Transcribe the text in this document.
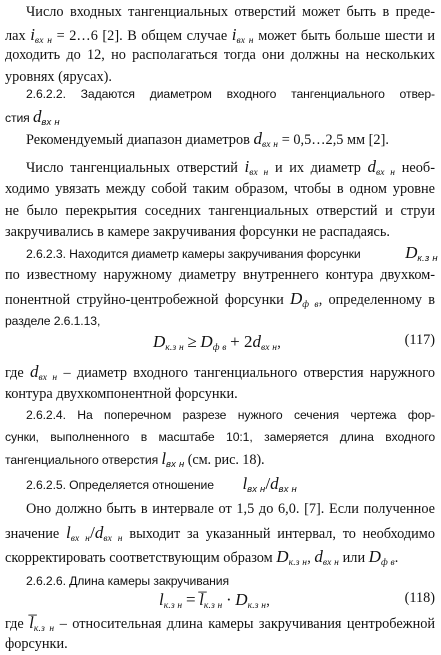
Число входных тангенциальных отверстий может быть в преде-
лах $i_{вх н}$ = 2…6 [2]. В общем случае $i_{вх н}$ может быть больше шести и
доходить до 12, но располагаться тогда они должны на нескольких
уровнях (ярусах).
2.6.2.2. Задаются диаметром входного тангенциального отвер-
стия $d_{вх н}$
Рекомендуемый диапазон диаметров $d_{вх н}$ = 0,5…2,5 мм [2].
Число тангенциальных отверстий $i_{вх н}$ и их диаметр $d_{вх н}$ необ-
ходимо увязать между собой таким образом, чтобы в одном уровне
не было перекрытия соседних тангенциальных отверстий и струи
закручивались в камере закручивания форсунки не распадаясь.
2.6.2.3. Находится диаметр камеры закручивания форсунки	$D_{к.з н}$
по известному наружному диаметру внутреннего контура двухком-
понентной струйно-центробежной форсунки $D_{ф в}$, определенному в
разделе 2.6.1.13,
$D_{к.з н} \ge D_{ф в} + 2d_{вх н}$,	(117)
где $d_{вх н}$ – диаметр входного тангенциального отверстия наружного
контура двухкомпонентной форсунки.
2.6.2.4. На поперечном разрезе нужного сечения чертежа фор-
сунки, выполненного в масштабе 10:1, замеряется длина входного
тангенциального отверстия $l_{вх н}$ (см. рис. 18).
2.6.2.5. Определяется отношение $l_{вх н}/d_{вх н}$
Оно должно быть в интервале от 1,5 до 6,0. [7]. Если полученное
значение $l_{вх н}/d_{вх н}$ выходит за указанный интервал, то необходимо
скорректировать соответствующим образом $D_{к.з н}$, $d_{вх н}$ или $D_{ф в}$.
2.6.2.6. Длина камеры закручивания
$l_{к.з н}$ = $l̅_{к.з н} \cdot D_{к.з н}$,	(118)
где $l̅_{к.з н}$ – относительная длина камеры закручивания центробежной
форсунки.
